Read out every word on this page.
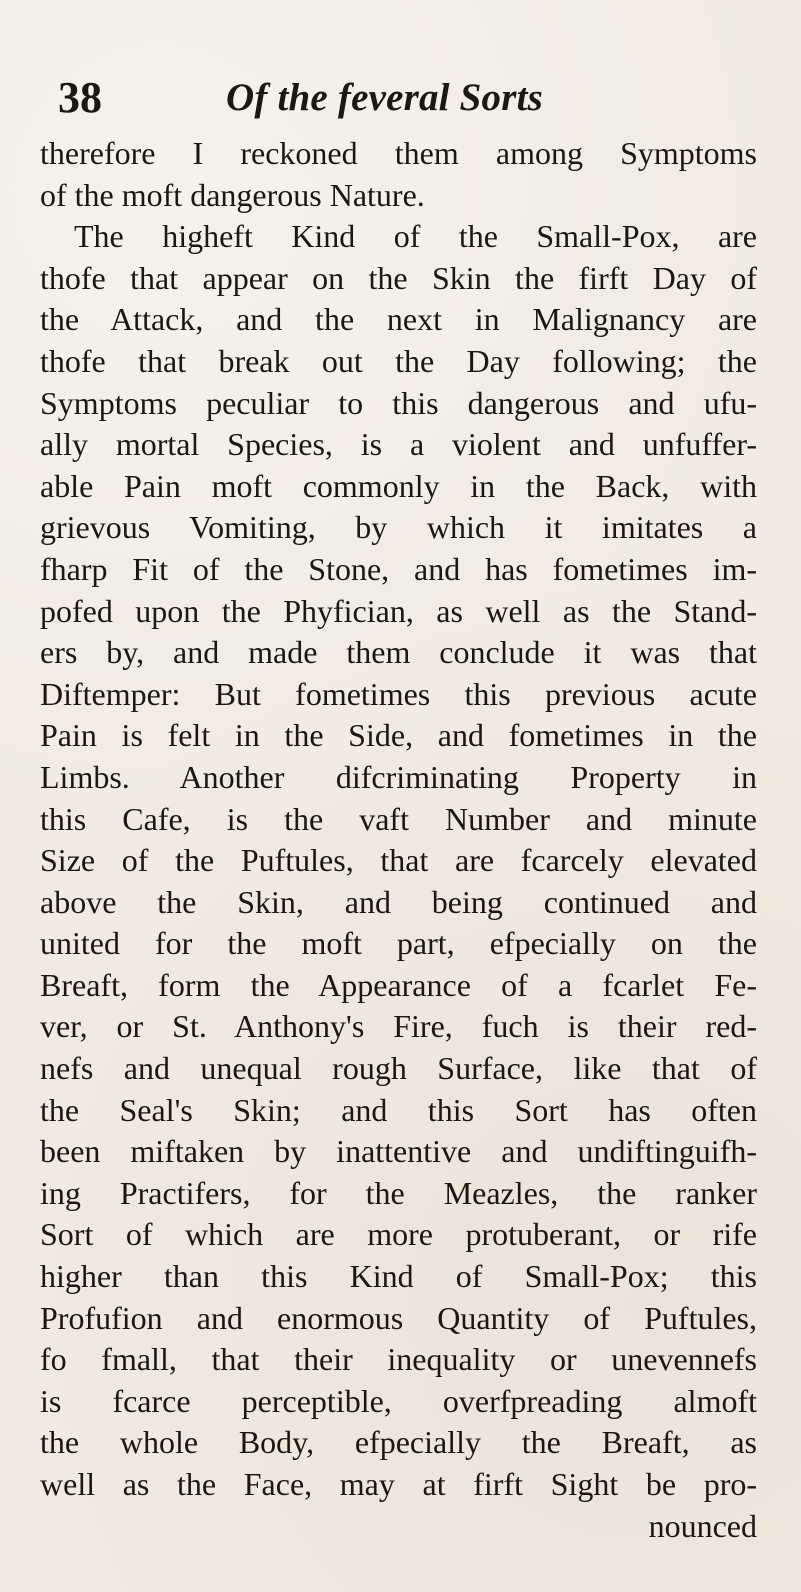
38	Of the feveral Sorts
therefore I reckoned them among Symptoms
of the moft dangerous Nature.
The higheft Kind of the Small-Pox, are
thofe that appear on the Skin the firft Day of
the Attack, and the next in Malignancy are
thofe that break out the Day following; the
Symptoms peculiar to this dangerous and ufu-
ally mortal Species, is a violent and unfuffer-
able Pain moft commonly in the Back, with
grievous Vomiting, by which it imitates a
fharp Fit of the Stone, and has fometimes im-
pofed upon the Phyfician, as well as the Stand-
ers by, and made them conclude it was that
Diftemper: But fometimes this previous acute
Pain is felt in the Side, and fometimes in the
Limbs. Another difcriminating Property in
this Cafe, is the vaft Number and minute
Size of the Puftules, that are fcarcely elevated
above the Skin, and being continued and
united for the moft part, efpecially on the
Breaft, form the Appearance of a fcarlet Fe-
ver, or St. Anthony's Fire, fuch is their red-
nefs and unequal rough Surface, like that of
the Seal's Skin; and this Sort has often
been miftaken by inattentive and undiftinguifh-
ing Practifers, for the Meazles, the ranker
Sort of which are more protuberant, or rife
higher than this Kind of Small-Pox; this
Profufion and enormous Quantity of Puftules,
fo fmall, that their inequality or unevennefs
is fcarce perceptible, overfpreading almoft
the whole Body, efpecially the Breaft, as
well as the Face, may at firft Sight be pro-
nounced
